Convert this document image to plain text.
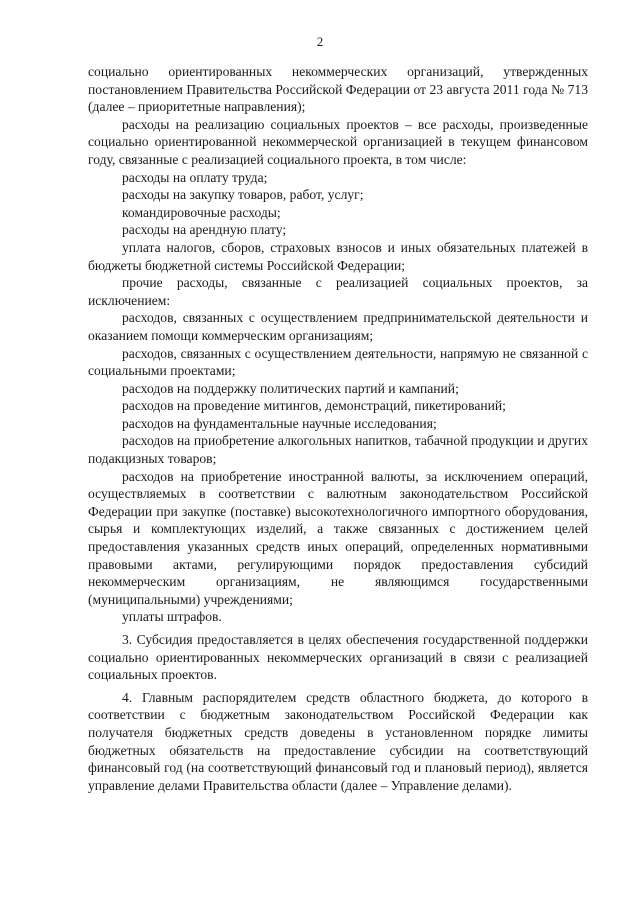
2

социально ориентированных некоммерческих организаций, утвержденных постановлением Правительства Российской Федерации от 23 августа 2011 года № 713 (далее – приоритетные направления);

расходы на реализацию социальных проектов – все расходы, произведенные социально ориентированной некоммерческой организацией в текущем финансовом году, связанные с реализацией социального проекта, в том числе:

расходы на оплату труда;

расходы на закупку товаров, работ, услуг;

командировочные расходы;

расходы на арендную плату;

уплата налогов, сборов, страховых взносов и иных обязательных платежей в бюджеты бюджетной системы Российской Федерации;

прочие расходы, связанные с реализацией социальных проектов, за исключением:

расходов, связанных с осуществлением предпринимательской деятельности и оказанием помощи коммерческим организациям;

расходов, связанных с осуществлением деятельности, напрямую не связанной с социальными проектами;

расходов на поддержку политических партий и кампаний;

расходов на проведение митингов, демонстраций, пикетирований;

расходов на фундаментальные научные исследования;

расходов на приобретение алкогольных напитков, табачной продукции и других подакцизных товаров;

расходов на приобретение иностранной валюты, за исключением операций, осуществляемых в соответствии с валютным законодательством Российской Федерации при закупке (поставке) высокотехнологичного импортного оборудования, сырья и комплектующих изделий, а также связанных с достижением целей предоставления указанных средств иных операций, определенных нормативными правовыми актами, регулирующими порядок предоставления субсидий некоммерческим организациям, не являющимся государственными (муниципальными) учреждениями;

уплаты штрафов.

3. Субсидия предоставляется в целях обеспечения государственной поддержки социально ориентированных некоммерческих организаций в связи с реализацией социальных проектов.

4. Главным распорядителем средств областного бюджета, до которого в соответствии с бюджетным законодательством Российской Федерации как получателя бюджетных средств доведены в установленном порядке лимиты бюджетных обязательств на предоставление субсидии на соответствующий финансовый год (на соответствующий финансовый год и плановый период), является управление делами Правительства области (далее – Управление делами).
